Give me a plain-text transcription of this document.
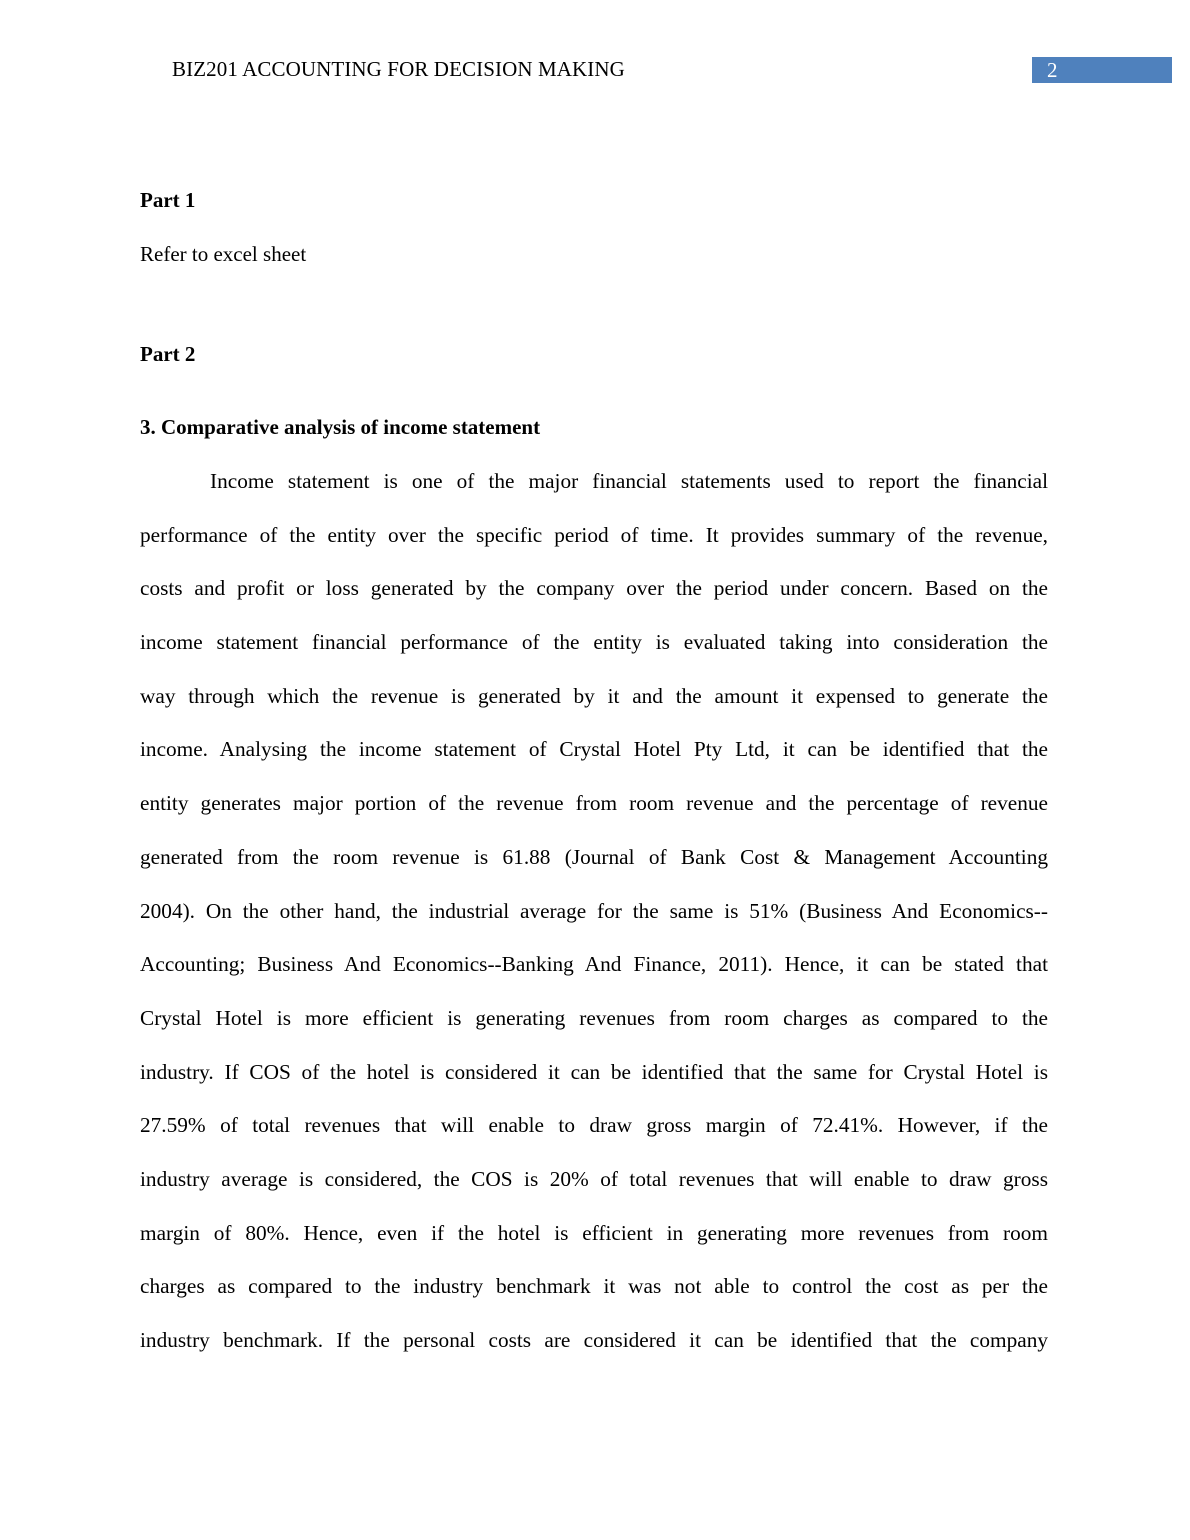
BIZ201 ACCOUNTING FOR DECISION MAKING	2
Part 1
Refer to excel sheet
Part 2
3. Comparative analysis of income statement
Income statement is one of the major financial statements used to report the financial
performance of the entity over the specific period of time. It provides summary of the revenue,
costs and profit or loss generated by the company over the period under concern. Based on the
income statement financial performance of the entity is evaluated taking into consideration the
way through which the revenue is generated by it and the amount it expensed to generate the
income. Analysing the income statement of Crystal Hotel Pty Ltd, it can be identified that the
entity generates major portion of the revenue from room revenue and the percentage of revenue
generated from the room revenue is 61.88 (Journal of Bank Cost & Management Accounting
2004). On the other hand, the industrial average for the same is 51% (Business And Economics--
Accounting; Business And Economics--Banking And Finance, 2011). Hence, it can be stated that
Crystal Hotel is more efficient is generating revenues from room charges as compared to the
industry. If COS of the hotel is considered it can be identified that the same for Crystal Hotel is
27.59% of total revenues that will enable to draw gross margin of 72.41%. However, if the
industry average is considered, the COS is 20% of total revenues that will enable to draw gross
margin of 80%. Hence, even if the hotel is efficient in generating more revenues from room
charges as compared to the industry benchmark it was not able to control the cost as per the
industry benchmark. If the personal costs are considered it can be identified that the company
